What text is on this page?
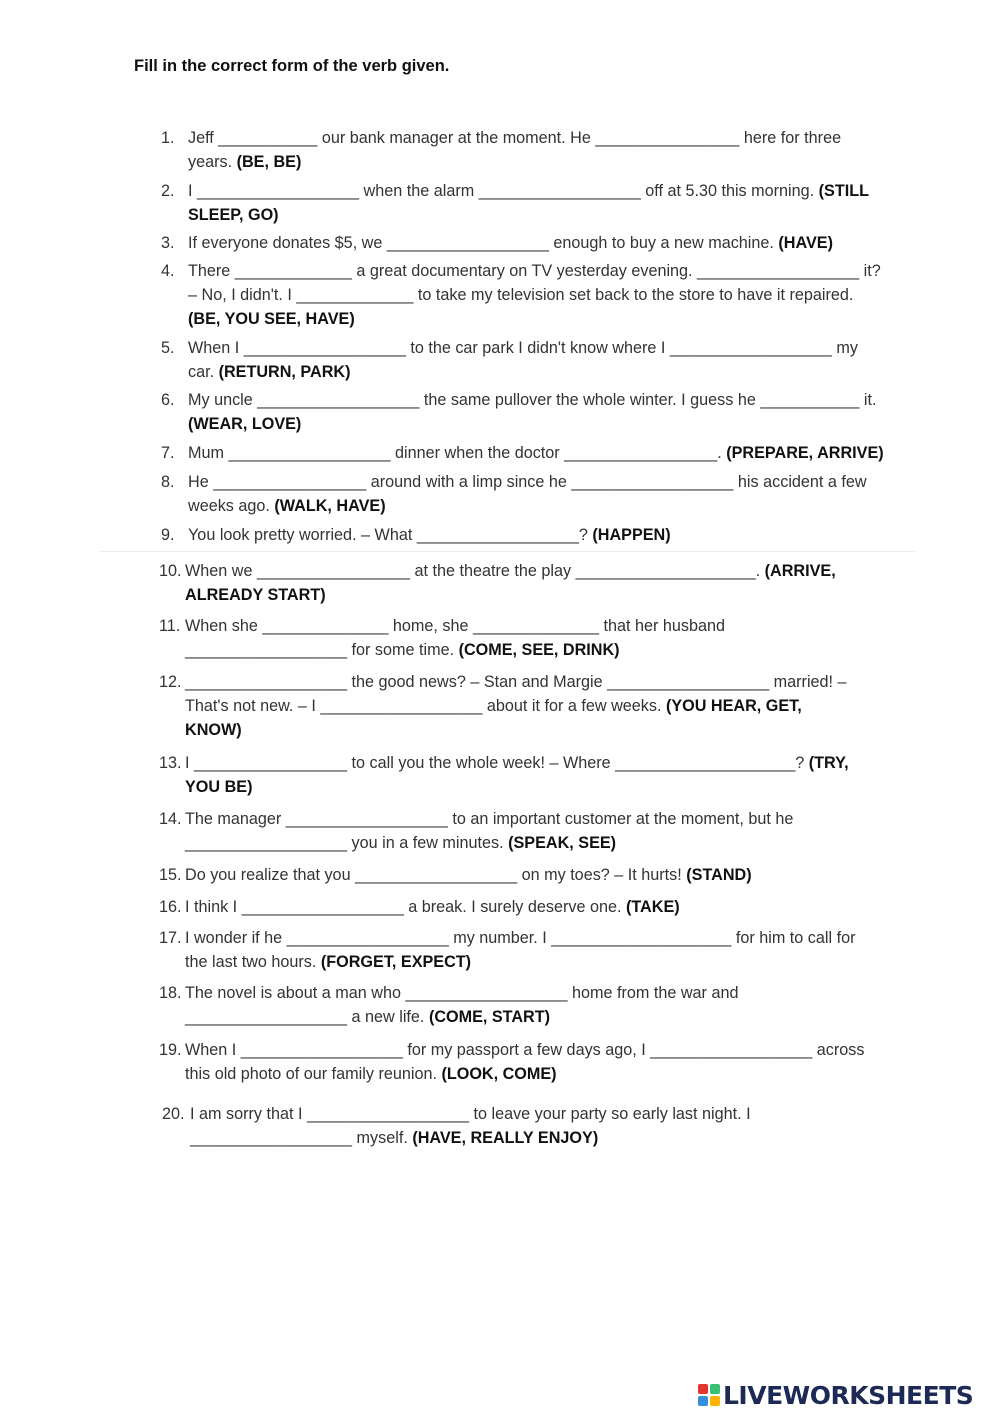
Fill in the correct form of the verb given.
1. Jeff ___________ our bank manager at the moment. He ________________ here for three years. (BE, BE)
2. I __________________ when the alarm __________________ off at 5.30 this morning. (STILL SLEEP, GO)
3. If everyone donates $5, we __________________ enough to buy a new machine. (HAVE)
4. There _____________ a great documentary on TV yesterday evening. __________________ it? – No, I didn't. I _____________ to take my television set back to the store to have it repaired. (BE, YOU SEE, HAVE)
5. When I __________________ to the car park I didn't know where I __________________ my car. (RETURN, PARK)
6. My uncle __________________ the same pullover the whole winter. I guess he ___________ it. (WEAR, LOVE)
7. Mum __________________ dinner when the doctor _________________. (PREPARE, ARRIVE)
8. He _________________ around with a limp since he __________________ his accident a few weeks ago. (WALK, HAVE)
9. You look pretty worried. – What __________________? (HAPPEN)
10. When we _________________ at the theatre the play ____________________. (ARRIVE, ALREADY START)
11. When she ______________ home, she ______________ that her husband __________________ for some time. (COME, SEE, DRINK)
12. __________________ the good news? – Stan and Margie __________________ married! – That's not new. – I __________________ about it for a few weeks. (YOU HEAR, GET, KNOW)
13. I _________________ to call you the whole week! – Where ____________________? (TRY, YOU BE)
14. The manager __________________ to an important customer at the moment, but he __________________ you in a few minutes. (SPEAK, SEE)
15. Do you realize that you __________________ on my toes? – It hurts! (STAND)
16. I think I __________________ a break. I surely deserve one. (TAKE)
17. I wonder if he __________________ my number. I ____________________ for him to call for the last two hours. (FORGET, EXPECT)
18. The novel is about a man who __________________ home from the war and __________________ a new life. (COME, START)
19. When I __________________ for my passport a few days ago, I __________________ across this old photo of our family reunion. (LOOK, COME)
20. I am sorry that I __________________ to leave your party so early last night. I __________________ myself. (HAVE, REALLY ENJOY)
LIVEWORKSHEETS
